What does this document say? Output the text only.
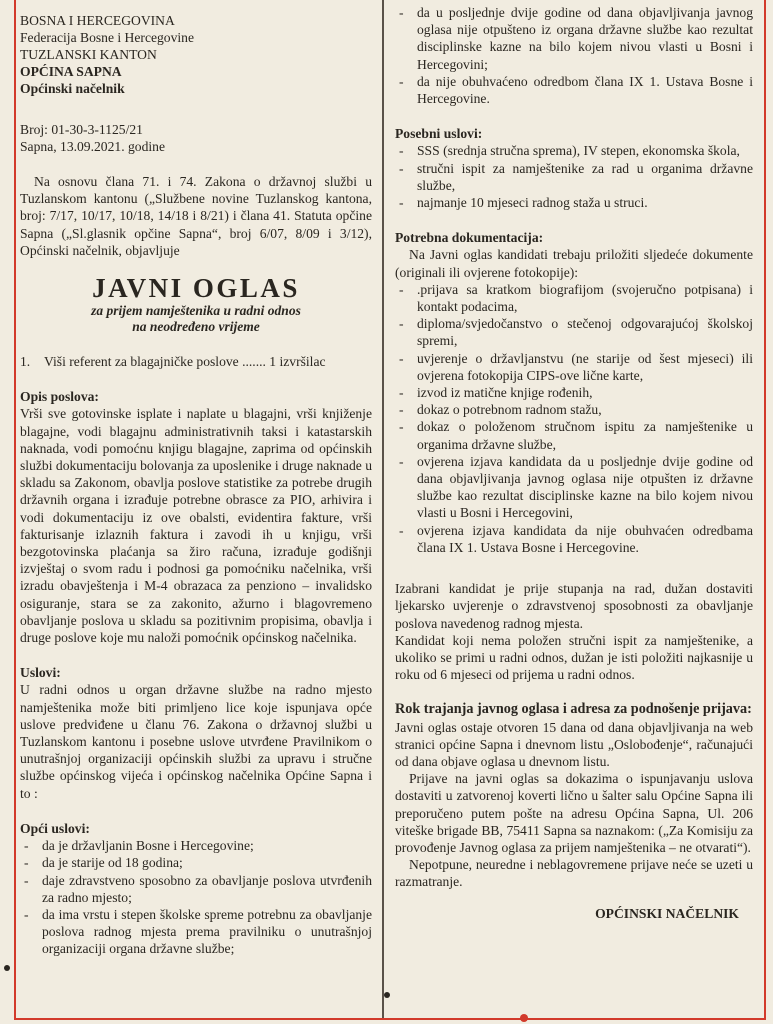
BOSNA I HERCEGOVINA

Federacija Bosne i Hercegovine

TUZLANSKI KANTON

OPĆINA SAPNA

Općinski načelnik

Broj: 01-30-3-1125/21

Sapna, 13.09.2021. godine

Na osnovu člana 71. i 74. Zakona o državnoj službi u Tuzlanskom kantonu („Službene novine Tuzlanskog kantona, broj: 7/17, 10/17, 10/18, 14/18 i 8/21) i člana 41. Statuta opčine Sapna („Sl.glasnik opčine Sapna“, broj 6/07, 8/09 i 3/12), Općinski načelnik, objavljuje

JAVNI OGLAS

za prijem namještenika u radni odnos

na neodređeno vrijeme

1.	Viši referent za blagajničke poslove ....... 1 izvršilac

Opis poslova:

Vrši sve gotovinske isplate i naplate u blagajni, vrši knjiženje blagajne, vodi blagajnu administrativnih taksi i katastarskih naknada, vodi pomoćnu knjigu blagajne, zaprima od općinskih službi dokumentaciju bolovanja za uposlenike i druge naknade u skladu sa Zakonom, obavlja poslove statistike za potrebe drugih državnih organa i izrađuje potrebne obrasce za PIO, arhivira i vodi dokumentaciju iz ove obalsti, evidentira fakture, vrši fakturisanje izlaznih faktura i zavodi ih u knjigu, vrši bezgotovinska plaćanja sa žiro računa, izrađuje godišnji izvještaj o svom radu i podnosi ga pomoćniku načelnika, vrši izradu obavještenja i M-4 obrazaca za penziono – invalidsko osiguranje, stara se za zakonito, ažurno i blagovremeno obavljanje poslova u skladu sa pozitivnim propisima, obavlja i druge poslove koje mu naloži pomoćnik općinskog načelnika.

Uslovi:

U radni odnos u organ državne službe na radno mjesto namještenika može biti primljeno lice koje ispunjava opće uslove predviđene u članu 76. Zakona o državnoj službi u Tuzlanskom kantonu i posebne uslove utvrđene Pravilnikom o unutrašnjoj organizaciji općinskih službi za upravu i stručne službe općinskog vijeća i općinskog načelnika Općine Sapna i to :

Opći uslovi:

- da je državljanin Bosne i Hercegovine;
- da je starije od 18 godina;
- daje zdravstveno sposobno za obavljanje poslova utvrđenih za radno mjesto;
- da ima vrstu i stepen školske spreme potrebnu za obavljanje poslova radnog mjesta prema pravilniku o unutrašnjoj organizaciji organa državne službe;
- da u posljednje dvije godine od dana objavljivanja javnog oglasa nije otpušteno iz organa državne službe kao rezultat disciplinske kazne na bilo kojem nivou vlasti u Bosni i Hercegovini;
- da nije obuhvaćeno odredbom člana IX 1. Ustava Bosne i Hercegovine.

Posebni uslovi:

- SSS (srednja stručna sprema), IV stepen, ekonomska škola,
- stručni ispit za namještenike za rad u organima državne službe,
- najmanje 10 mjeseci radnog staža u struci.

Potrebna dokumentacija:

Na Javni oglas kandidati trebaju priložiti sljedeće dokumente (originali ili ovjerene fotokopije):

- .prijava sa kratkom biografijom (svojeručno potpisana) i kontakt podacima,
- diploma/svjedočanstvo o stečenoj odgovarajućoj školskoj spremi,
- uvjerenje o državljanstvu (ne starije od šest mjeseci) ili ovjerena fotokopija CIPS-ove lične karte,
- izvod iz matične knjige rođenih,
- dokaz o potrebnom radnom stažu,
- dokaz o položenom stručnom ispitu za namještenike u organima državne službe,
- ovjerena izjava kandidata da u posljednje dvije godine od dana objavljivanja javnog oglasa nije otpušten iz državne službe kao rezultat disciplinske kazne na bilo kojem nivou vlasti u Bosni i Hercegovini,
- ovjerena izjava kandidata da nije obuhvaćen odredbama člana IX 1. Ustava Bosne i Hercegovine.

Izabrani kandidat je prije stupanja na rad, dužan dostaviti ljekarsko uvjerenje o zdravstvenoj sposobnosti za obavljanje poslova navedenog radnog mjesta.

Kandidat koji nema položen stručni ispit za namještenike, a ukoliko se primi u radni odnos, dužan je isti položiti najkasnije u roku od 6 mjeseci od prijema u radni odnos.

Rok trajanja javnog oglasa i adresa za podnošenje prijava:

Javni oglas ostaje otvoren 15 dana od dana objavljivanja na web stranici općine Sapna i dnevnom listu „Oslobođenje“, računajući od dana objave oglasa u dnevnom listu.

Prijave na javni oglas sa dokazima o ispunjavanju uslova dostaviti u zatvorenoj koverti lično u šalter salu Općine Sapna ili preporučeno putem pošte na adresu Općina Sapna, Ul. 206 viteške brigade BB, 75411 Sapna sa naznakom: („Za Komisiju za provođenje Javnog oglasa za prijem namještenika – ne otvarati“).

Nepotpune, neuredne i neblagovremene prijave neće se uzeti u razmatranje.

OPĆINSKI NAČELNIK
